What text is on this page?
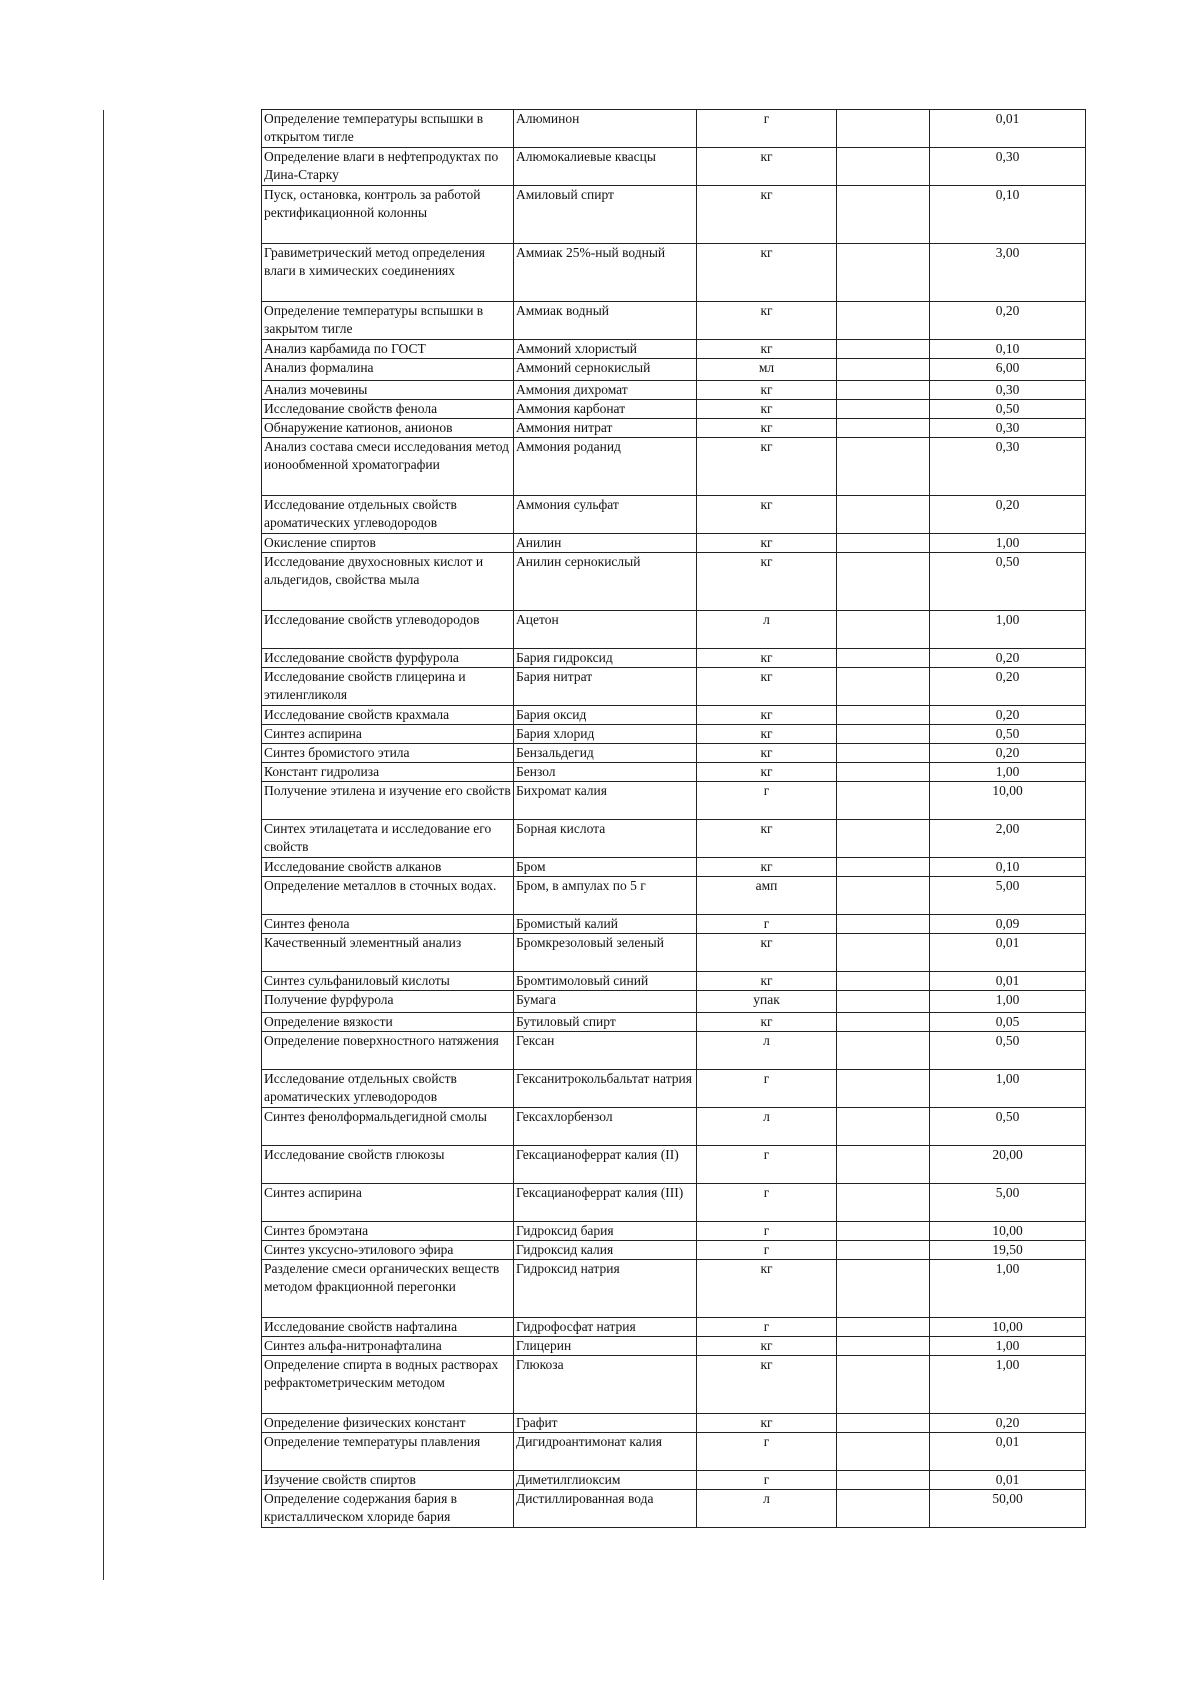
Определение температуры вспышки в открытом тигле	Алюминон	г		0,01
Определение влаги в нефтепродуктах по Дина-Старку	Алюмокалиевые квасцы	кг		0,30
Пуск, остановка, контроль за работой ректификационной колонны	Амиловый спирт	кг		0,10
Гравиметрический метод определения влаги в химических соединениях	Аммиак 25%-ный водный	кг		3,00
Определение температуры вспышки в закрытом тигле	Аммиак водный	кг		0,20
Анализ карбамида по ГОСТ	Аммоний хлористый	кг		0,10
Анализ формалина	Аммоний сернокислый	мл		6,00
Анализ мочевины	Аммония дихромат	кг		0,30
Исследование свойств фенола	Аммония карбонат	кг		0,50
Обнаружение катионов, анионов	Аммония нитрат	кг		0,30
Анализ состава смеси исследования метод ионообменной хроматографии	Аммония роданид	кг		0,30
Исследование отдельных свойств ароматических углеводородов	Аммония сульфат	кг		0,20
Окисление спиртов	Анилин	кг		1,00
Исследование двухосновных кислот и альдегидов, свойства мыла	Анилин сернокислый	кг		0,50
Исследование свойств углеводородов	Ацетон	л		1,00
Исследование свойств фурфурола	Бария гидроксид	кг		0,20
Исследование свойств глицерина и этиленгликоля	Бария нитрат	кг		0,20
Исследование свойств крахмала	Бария оксид	кг		0,20
Синтез аспирина	Бария хлорид	кг		0,50
Синтез бромистого этила	Бензальдегид	кг		0,20
Констант гидролиза	Бензол	кг		1,00
Получение этилена и изучение его свойств	Бихромат калия	г		10,00
Синтех этилацетата и исследование его свойств	Борная кислота	кг		2,00
Исследование свойств алканов	Бром	кг		0,10
Определение металлов в сточных водах.	Бром, в ампулах по 5 г	амп		5,00
Синтез фенола	Бромистый калий	г		0,09
Качественный элементный анализ	Бромкрезоловый зеленый	кг		0,01
Синтез сульфаниловый кислоты	Бромтимоловый синий	кг		0,01
Получение фурфурола	Бумага	упак		1,00
Определение вязкости	Бутиловый спирт	кг		0,05
Определение поверхностного натяжения	Гексан	л		0,50
Исследование отдельных свойств ароматических углеводородов	Гексанитрокольбальтат натрия	г		1,00
Синтез фенолформальдегидной смолы	Гексахлорбензол	л		0,50
Исследование свойств глюкозы	Гексацианоферрат калия (II)	г		20,00
Синтез аспирина	Гексацианоферрат калия (III)	г		5,00
Синтез бромэтана	Гидроксид бария	г		10,00
Синтез уксусно-этилового эфира	Гидроксид калия	г		19,50
Разделение смеси органических веществ методом фракционной перегонки	Гидроксид натрия	кг		1,00
Исследование свойств нафталина	Гидрофосфат натрия	г		10,00
Синтез альфа-нитронафталина	Глицерин	кг		1,00
Определение спирта в водных растворах рефрактометрическим методом	Глюкоза	кг		1,00
Определение физических констант	Графит	кг		0,20
Определение температуры плавления	Дигидроантимонат калия	г		0,01
Изучение свойств спиртов	Диметилглиоксим	г		0,01
Определение содержания бария в кристаллическом хлориде бария	Дистиллированная вода	л		50,00
